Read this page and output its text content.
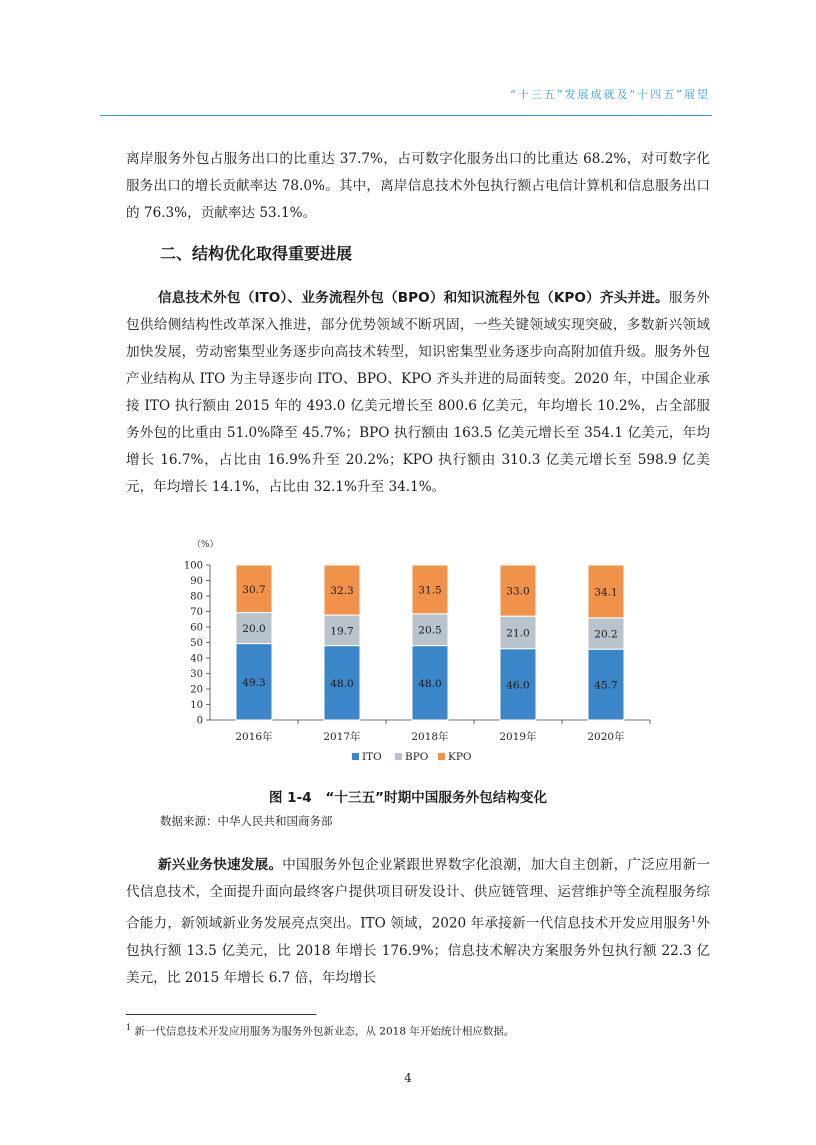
“十三五”发展成就及“十四五”展望

离岸服务外包占服务出口的比重达 37.7%，占可数字化服务出口的比重达 68.2%，对可数字化服务出口的增长贡献率达 78.0%。其中，离岸信息技术外包执行额占电信计算机和信息服务出口的 76.3%，贡献率达 53.1%。

二、结构优化取得重要进展

信息技术外包（ITO）、业务流程外包（BPO）和知识流程外包（KPO）齐头并进。服务外包供给侧结构性改革深入推进，部分优势领域不断巩固，一些关键领域实现突破，多数新兴领域加快发展，劳动密集型业务逐步向高技术转型，知识密集型业务逐步向高附加值升级。服务外包产业结构从 ITO 为主导逐步向 ITO、BPO、KPO 齐头并进的局面转变。2020 年，中国企业承接 ITO 执行额由 2015 年的 493.0 亿美元增长至 800.6 亿美元，年均增长 10.2%，占全部服务外包的比重由 51.0%降至 45.7%；BPO 执行额由 163.5 亿美元增长至 354.1 亿美元，年均增长 16.7%，占比由 16.9%升至 20.2%；KPO 执行额由 310.3 亿美元增长至 598.9 亿美元，年均增长 14.1%，占比由 32.1%升至 34.1%。

（%）
0
10
20
30
40
50
60
70
80
90
100
49.3
20.0
30.7
2016年
48.0
19.7
32.3
2017年
48.0
20.5
31.5
2018年
46.0
21.0
33.0
2019年
45.7
20.2
34.1
2020年
ITO BPO KPO
图 1-4　“十三五”时期中国服务外包结构变化
数据来源：中华人民共和国商务部

新兴业务快速发展。中国服务外包企业紧跟世界数字化浪潮，加大自主创新，广泛应用新一代信息技术，全面提升面向最终客户提供项目研发设计、供应链管理、运营维护等全流程服务综合能力，新领域新业务发展亮点突出。ITO 领域，2020 年承接新一代信息技术开发应用服务$^1$外包执行额 13.5 亿美元，比 2018 年增长 176.9%；信息技术解决方案服务外包执行额 22.3 亿美元，比 2015 年增长 6.7 倍，年均增长

$^1$ 新一代信息技术开发应用服务为服务外包新业态，从 2018 年开始统计相应数据。
4
